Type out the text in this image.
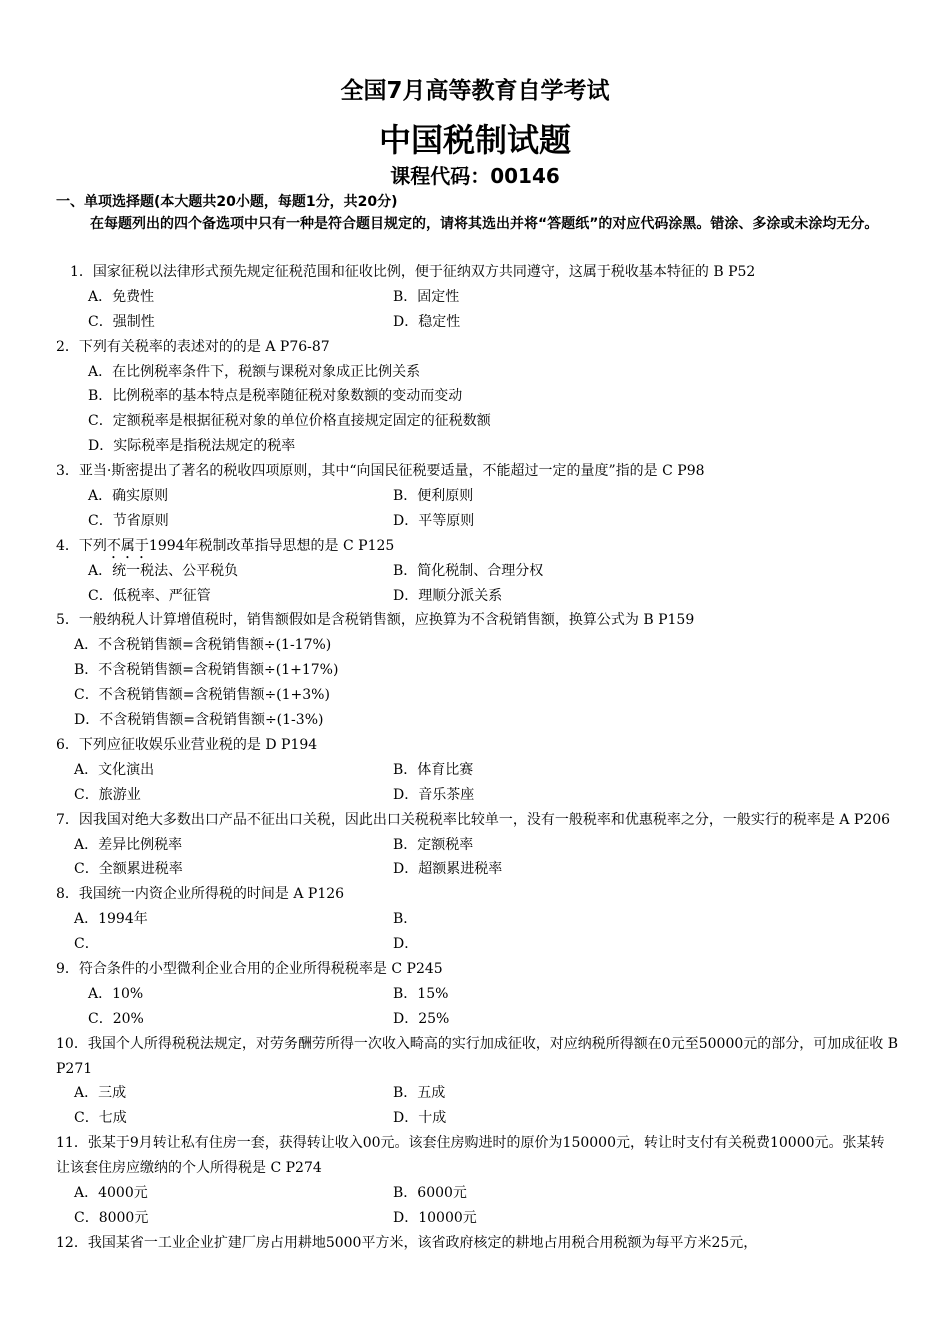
全国7月高等教育自学考试
中国税制试题
课程代码：00146
一、单项选择题(本大题共20小题，每题1分，共20分)
在每题列出的四个备选项中只有一种是符合题目规定的，请将其选出并将“答题纸”的对应代码涂黑。错涂、多涂或未涂均无分。
1．国家征税以法律形式预先规定征税范围和征收比例，便于征纳双方共同遵守，这属于税收基本特征的 B P52
A．免费性	B．固定性
C．强制性	D．稳定性
2．下列有关税率的表述对的的是 A P76-87
A．在比例税率条件下，税额与课税对象成正比例关系
B．比例税率的基本特点是税率随征税对象数额的变动而变动
C．定额税率是根据征税对象的单位价格直接规定固定的征税数额
D．实际税率是指税法规定的税率
3．亚当·斯密提出了著名的税收四项原则，其中“向国民征税要适量，不能超过一定的量度”指的是 C P98
A．确实原则	B．便利原则
C．节省原则	D．平等原则
4．下列不属于1994年税制改革指导思想的是 C P125
A．统一税法、公平税负	B．简化税制、合理分权
C．低税率、严征管	D．理顺分派关系
5．一般纳税人计算增值税时，销售额假如是含税销售额，应换算为不含税销售额，换算公式为 B P159
A．不含税销售额=含税销售额÷(1-17%)
B．不含税销售额=含税销售额÷(1+17%)
C．不含税销售额=含税销售额÷(1+3%)
D．不含税销售额=含税销售额÷(1-3%)
6．下列应征收娱乐业营业税的是 D P194
A．文化演出	B．体育比赛
C．旅游业	D．音乐茶座
7．因我国对绝大多数出口产品不征出口关税，因此出口关税税率比较单一，没有一般税率和优惠税率之分，一般实行的税率是 A P206
A．差异比例税率	B．定额税率
C．全额累进税率	D．超额累进税率
8．我国统一内资企业所得税的时间是 A P126
A．1994年	B．
C．	D．
9．符合条件的小型微利企业合用的企业所得税税率是 C P245
A．10%	B．15%
C．20%	D．25%
10．我国个人所得税税法规定，对劳务酬劳所得一次收入畸高的实行加成征收，对应纳税所得额在0元至50000元的部分，可加成征收 B P271
A．三成	B．五成
C．七成	D．十成
11．张某于9月转让私有住房一套，获得转让收入00元。该套住房购进时的原价为150000元，转让时支付有关税费10000元。张某转让该套住房应缴纳的个人所得税是 C P274
A．4000元	B．6000元
C．8000元	D．10000元
12．我国某省一工业企业扩建厂房占用耕地5000平方米，该省政府核定的耕地占用税合用税额为每平方米25元，
